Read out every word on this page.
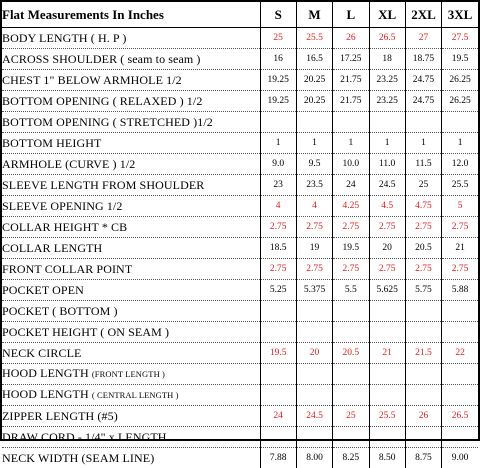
Flat Measurements In Inches	S	M	L	XL	2XL	3XL
BODY LENGTH ( H. P )	25	25.5	26	26.5	27	27.5
ACROSS SHOULDER ( seam to seam )	16	16.5	17.25	18	18.75	19.5
CHEST 1" BELOW ARMHOLE 1/2	19.25	20.25	21.75	23.25	24.75	26.25
BOTTOM OPENING ( RELAXED ) 1/2	19.25	20.25	21.75	23.25	24.75	26.25
BOTTOM OPENING ( STRETCHED )1/2						
BOTTOM HEIGHT	1	1	1	1	1	1
ARMHOLE (CURVE ) 1/2	9.0	9.5	10.0	11.0	11.5	12.0
SLEEVE LENGTH FROM SHOULDER	23	23.5	24	24.5	25	25.5
SLEEVE OPENING 1/2	4	4	4.25	4.5	4.75	5
COLLAR HEIGHT * CB	2.75	2.75	2.75	2.75	2.75	2.75
COLLAR LENGTH	18.5	19	19.5	20	20.5	21
FRONT COLLAR POINT	2.75	2.75	2.75	2.75	2.75	2.75
POCKET OPEN	5.25	5.375	5.5	5.625	5.75	5.88
POCKET ( BOTTOM )						
POCKET HEIGHT ( ON SEAM )						
NECK CIRCLE	19.5	20	20.5	21	21.5	22
HOOD LENGTH (FRONT LENGTH )						
HOOD LENGTH ( CENTRAL LENGTH )						
ZIPPER LENGTH (#5)	24	24.5	25	25.5	26	26.5
DRAW CORD - 1/4" x LENGTH						
NECK WIDTH (SEAM LINE)	7.88	8.00	8.25	8.50	8.75	9.00
